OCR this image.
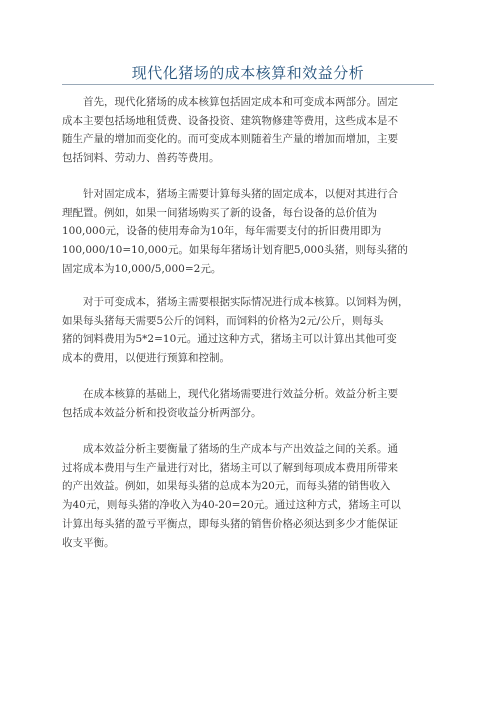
现代化猪场的成本核算和效益分析
首先，现代化猪场的成本核算包括固定成本和可变成本两部分。固定
成本主要包括场地租赁费、设备投资、建筑物修建等费用，这些成本是不
随生产量的增加而变化的。而可变成本则随着生产量的增加而增加，主要
包括饲料、劳动力、兽药等费用。
针对固定成本，猪场主需要计算每头猪的固定成本，以便对其进行合
理配置。例如，如果一间猪场购买了新的设备，每台设备的总价值为
100,000元，设备的使用寿命为10年，每年需要支付的折旧费用即为
100,000/10=10,000元。如果每年猪场计划育肥5,000头猪，则每头猪的
固定成本为10,000/5,000=2元。
对于可变成本，猪场主需要根据实际情况进行成本核算。以饲料为例，
如果每头猪每天需要5公斤的饲料，而饲料的价格为2元/公斤，则每头
猪的饲料费用为5*2=10元。通过这种方式，猪场主可以计算出其他可变
成本的费用，以便进行预算和控制。
在成本核算的基础上，现代化猪场需要进行效益分析。效益分析主要
包括成本效益分析和投资收益分析两部分。
成本效益分析主要衡量了猪场的生产成本与产出效益之间的关系。通
过将成本费用与生产量进行对比，猪场主可以了解到每项成本费用所带来
的产出效益。例如，如果每头猪的总成本为20元，而每头猪的销售收入
为40元，则每头猪的净收入为40-20=20元。通过这种方式，猪场主可以
计算出每头猪的盈亏平衡点，即每头猪的销售价格必须达到多少才能保证
收支平衡。
